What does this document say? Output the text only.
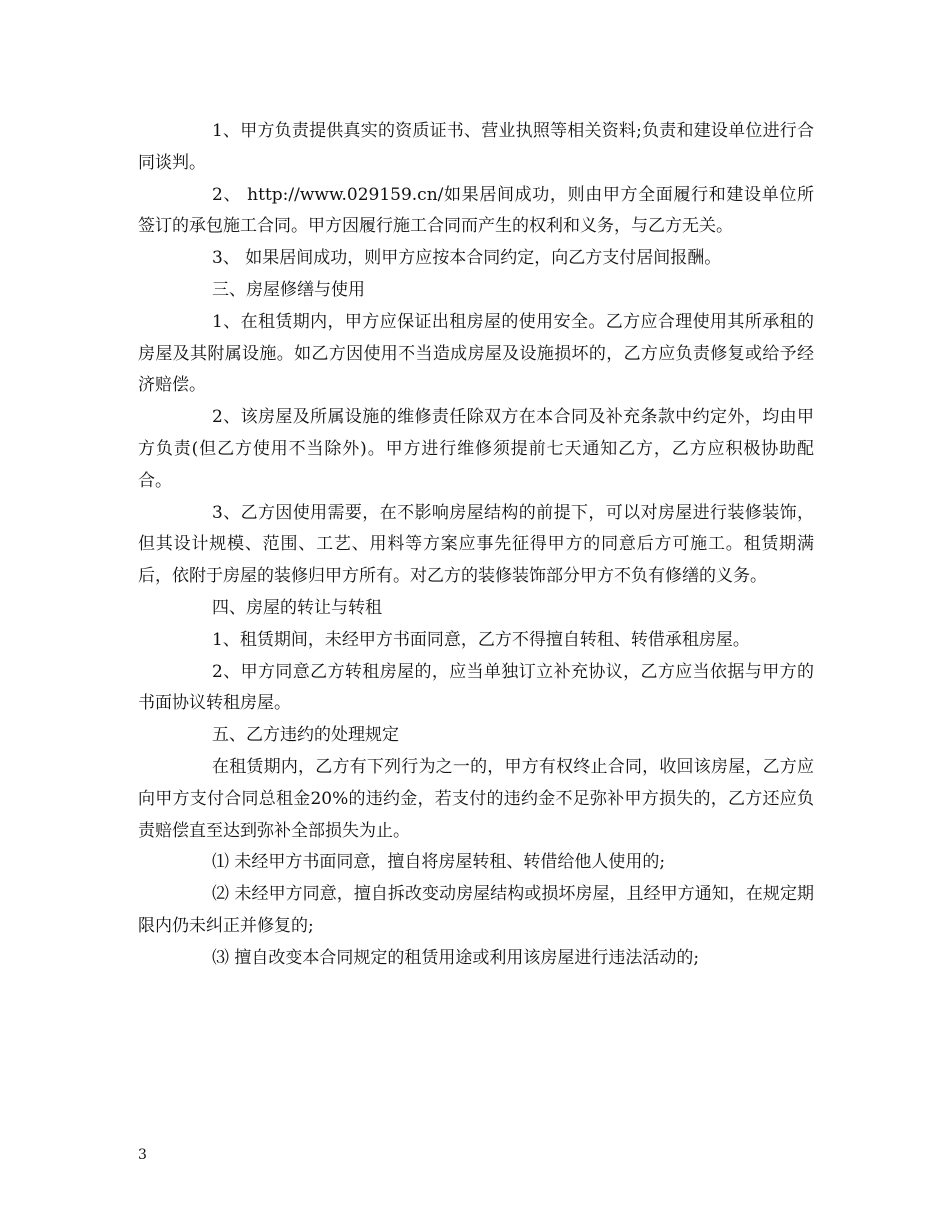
1、甲方负责提供真实的资质证书、营业执照等相关资料;负责和建设单位进行合同谈判。

2、 http://www.029159.cn/如果居间成功，则由甲方全面履行和建设单位所签订的承包施工合同。甲方因履行施工合同而产生的权利和义务，与乙方无关。

3、 如果居间成功，则甲方应按本合同约定，向乙方支付居间报酬。

三、房屋修缮与使用

1、在租赁期内，甲方应保证出租房屋的使用安全。乙方应合理使用其所承租的房屋及其附属设施。如乙方因使用不当造成房屋及设施损坏的，乙方应负责修复或给予经济赔偿。

2、该房屋及所属设施的维修责任除双方在本合同及补充条款中约定外，均由甲方负责(但乙方使用不当除外)。甲方进行维修须提前七天通知乙方，乙方应积极协助配合。

3、乙方因使用需要，在不影响房屋结构的前提下，可以对房屋进行装修装饰，但其设计规模、范围、工艺、用料等方案应事先征得甲方的同意后方可施工。租赁期满后，依附于房屋的装修归甲方所有。对乙方的装修装饰部分甲方不负有修缮的义务。

四、房屋的转让与转租

1、租赁期间，未经甲方书面同意，乙方不得擅自转租、转借承租房屋。

2、甲方同意乙方转租房屋的，应当单独订立补充协议，乙方应当依据与甲方的书面协议转租房屋。

五、乙方违约的处理规定

在租赁期内，乙方有下列行为之一的，甲方有权终止合同，收回该房屋，乙方应向甲方支付合同总租金20%的违约金，若支付的违约金不足弥补甲方损失的，乙方还应负责赔偿直至达到弥补全部损失为止。

⑴ 未经甲方书面同意，擅自将房屋转租、转借给他人使用的;

⑵ 未经甲方同意，擅自拆改变动房屋结构或损坏房屋，且经甲方通知，在规定期限内仍未纠正并修复的;

⑶ 擅自改变本合同规定的租赁用途或利用该房屋进行违法活动的;

3
